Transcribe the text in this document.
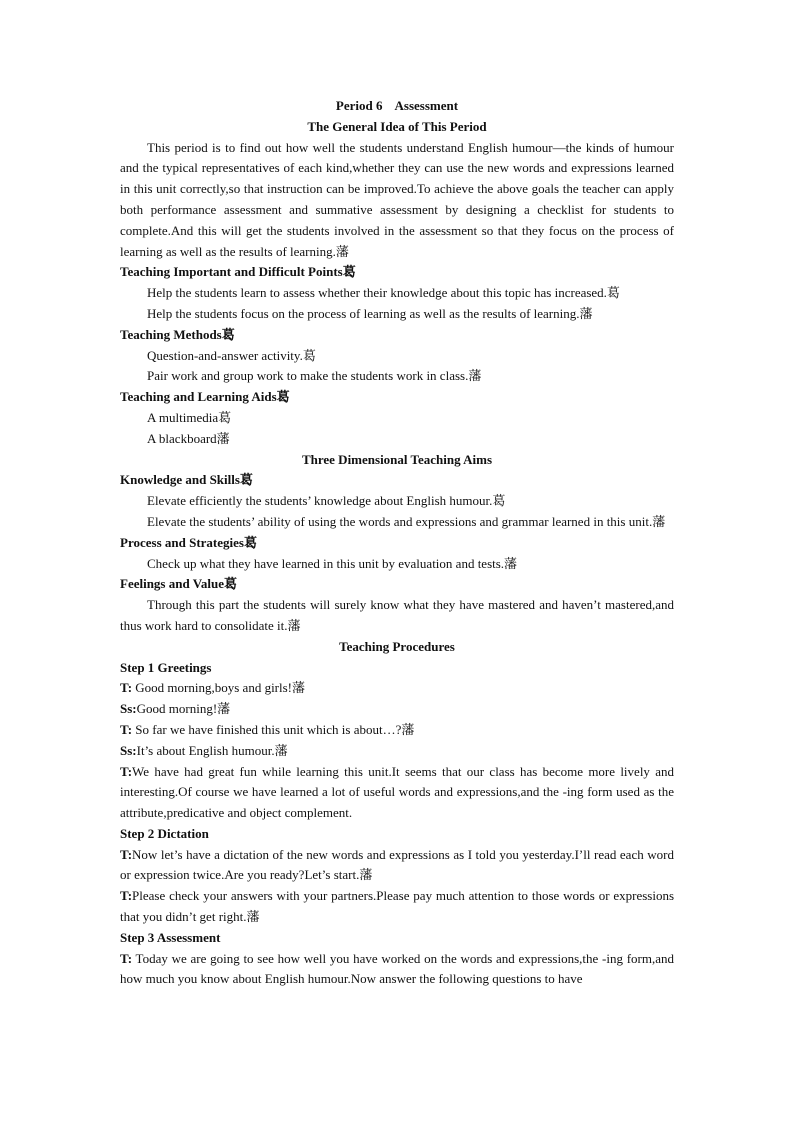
Period 6 Assessment

The General Idea of This Period

This period is to find out how well the students understand English humour—the kinds of humour and the typical representatives of each kind,whether they can use the new words and expressions learned in this unit correctly,so that instruction can be improved.To achieve the above goals the teacher can apply both performance assessment and summative assessment by designing a checklist for students to complete.And this will get the students involved in the assessment so that they focus on the process of learning as well as the results of learning.藩

Teaching Important and Difficult Points葛

Help the students learn to assess whether their knowledge about this topic has increased.葛

Help the students focus on the process of learning as well as the results of learning.藩

Teaching Methods葛

Question-and-answer activity.葛

Pair work and group work to make the students work in class.藩

Teaching and Learning Aids葛

A multimedia葛

A blackboard藩

Three Dimensional Teaching Aims

Knowledge and Skills葛

Elevate efficiently the students’ knowledge about English humour.葛

Elevate the students’ ability of using the words and expressions and grammar learned in this unit.藩

Process and Strategies葛

Check up what they have learned in this unit by evaluation and tests.藩

Feelings and Value葛

Through this part the students will surely know what they have mastered and haven’t mastered,and thus work hard to consolidate it.藩

Teaching Procedures

Step 1 Greetings

T: Good morning,boys and girls!藩

Ss:Good morning!藩

T: So far we have finished this unit which is about…?藩

Ss:It’s about English humour.藩

T:We have had great fun while learning this unit.It seems that our class has become more lively and interesting.Of course we have learned a lot of useful words and expressions,and the -ing form used as the attribute,predicative and object complement.

Step 2 Dictation

T:Now let’s have a dictation of the new words and expressions as I told you yesterday.I’ll read each word or expression twice.Are you ready?Let’s start.藩

T:Please check your answers with your partners.Please pay much attention to those words or expressions that you didn’t get right.藩

Step 3 Assessment

T: Today we are going to see how well you have worked on the words and expressions,the -ing form,and how much you know about English humour.Now answer the following questions to have
